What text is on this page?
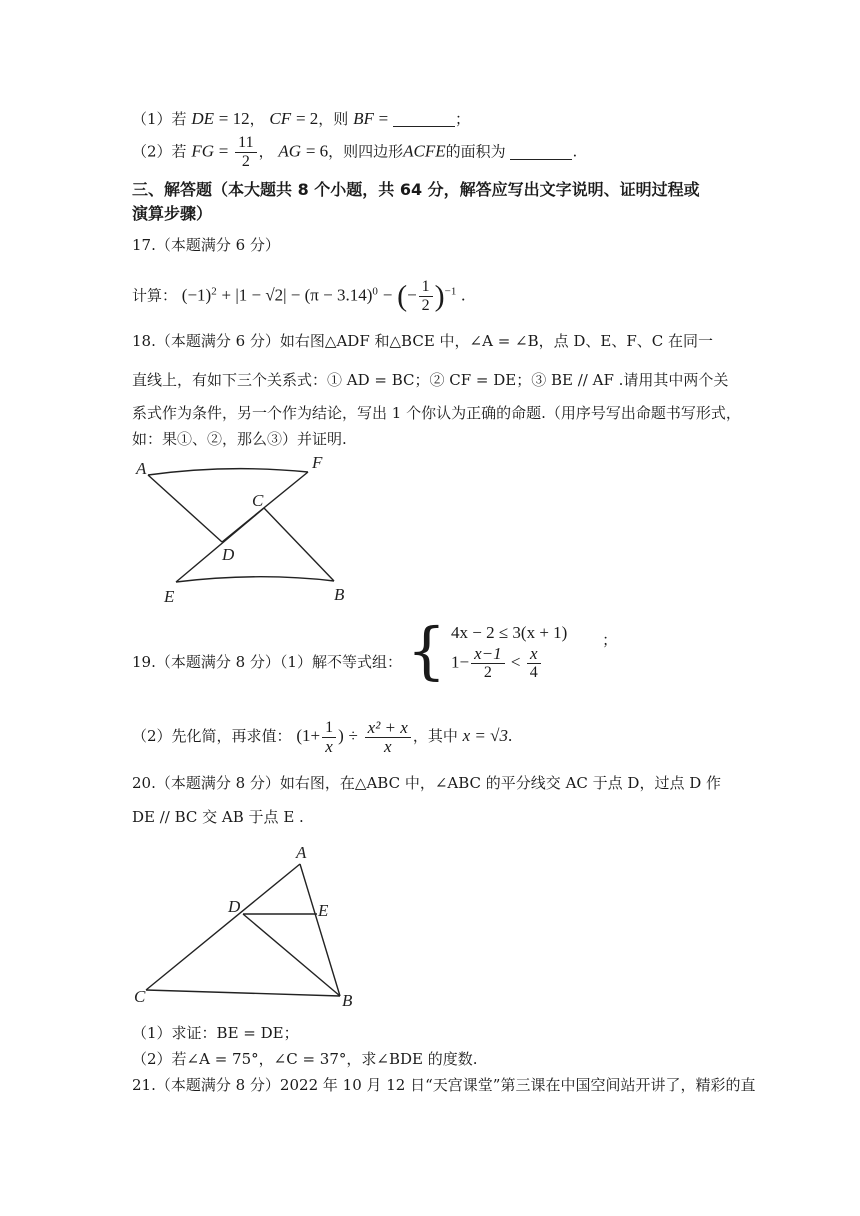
（1）若 DE = 12， CF = 2，则 BF =	；
（2）若 FG = $\frac{11}{2}$ ， AG = 6，则四边形ACFE的面积为	.
三、解答题（本大题共 8 个小题，共 64 分，解答应写出文字说明、证明过程或
演算步骤）
17.（本题满分 6 分）
计算： $(-1)^2 + |1 - √2| - (\pi - 3.14)^0$ − (− $\frac{1}{2} )^{-1}$ .
18.（本题满分 6 分）如右图△ADF 和△BCE 中，∠A = ∠B，点 D、E、F、C 在同一
直线上，有如下三个关系式：① AD = BC；② CF = DE；③ BE // AF .请用其中两个关
系式作为条件，另一个作为结论，写出 1 个你认为正确的命题.（用序号写出命题书写形式，
如：果①、②，那么③）并证明.
A	F
C
D
E	B
19.（本题满分 8 分）（1）解不等式组： { 4x − 2 ≤ 3(x + 1)
$1- \frac{x-1}{2} < \frac{x}{4}$
；
（2）先化简，再求值： ($1+ \frac{1}{x}$ ) ÷ $\frac{\text{x² + x}}{x}$ ，其中 x = √3.
20.（本题满分 8 分）如右图，在△ABC 中，∠ABC 的平分线交 AC 于点 D，过点 D 作
DE // BC 交 AB 于点 E .
A
D	E
C	B
（1）求证：BE = DE；
（2）若∠A = 75°，∠C = 37°，求∠BDE 的度数.
21.（本题满分 8 分）2022 年 10 月 12 日“天宫课堂”第三课在中国空间站开讲了，精彩的直
